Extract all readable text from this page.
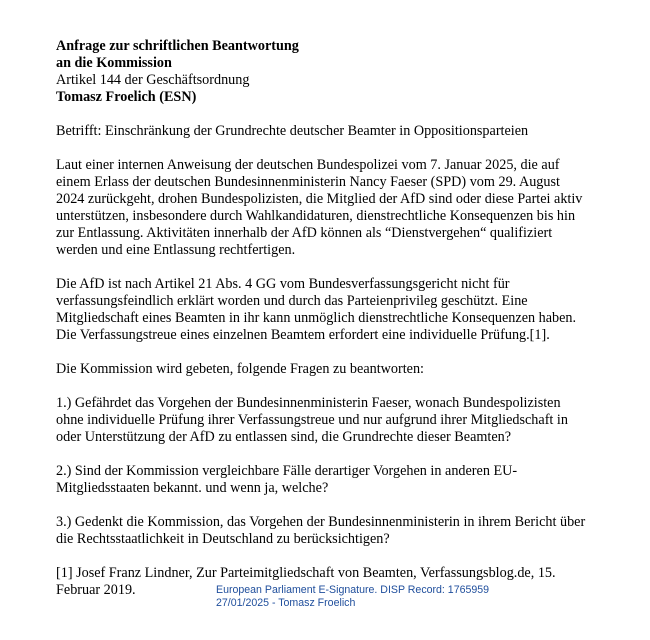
Anfrage zur schriftlichen Beantwortung
an die Kommission
Artikel 144 der Geschäftsordnung
Tomasz Froelich (ESN)
Betrifft: Einschränkung der Grundrechte deutscher Beamter in Oppositionsparteien
Laut einer internen Anweisung der deutschen Bundespolizei vom 7. Januar 2025, die auf
einem Erlass der deutschen Bundesinnenministerin Nancy Faeser (SPD) vom 29. August
2024 zurückgeht, drohen Bundespolizisten, die Mitglied der AfD sind oder diese Partei aktiv
unterstützen, insbesondere durch Wahlkandidaturen, dienstrechtliche Konsequenzen bis hin
zur Entlassung. Aktivitäten innerhalb der AfD können als “Dienstvergehen“ qualifiziert
werden und eine Entlassung rechtfertigen.
Die AfD ist nach Artikel 21 Abs. 4 GG vom Bundesverfassungsgericht nicht für
verfassungsfeindlich erklärt worden und durch das Parteienprivileg geschützt. Eine
Mitgliedschaft eines Beamten in ihr kann unmöglich dienstrechtliche Konsequenzen haben.
Die Verfassungstreue eines einzelnen Beamtem erfordert eine individuelle Prüfung.[1].
Die Kommission wird gebeten, folgende Fragen zu beantworten:
1.) Gefährdet das Vorgehen der Bundesinnenministerin Faeser, wonach Bundespolizisten
ohne individuelle Prüfung ihrer Verfassungstreue und nur aufgrund ihrer Mitgliedschaft in
oder Unterstützung der AfD zu entlassen sind, die Grundrechte dieser Beamten?
2.) Sind der Kommission vergleichbare Fälle derartiger Vorgehen in anderen EU-
Mitgliedsstaaten bekannt. und wenn ja, welche?
3.) Gedenkt die Kommission, das Vorgehen der Bundesinnenministerin in ihrem Bericht über
die Rechtsstaatlichkeit in Deutschland zu berücksichtigen?
[1] Josef Franz Lindner, Zur Parteimitgliedschaft von Beamten, Verfassungsblog.de, 15.
Februar 2019.	European Parliament E-Signature. DISP Record: 1765959
27/01/2025 - Tomasz Froelich
